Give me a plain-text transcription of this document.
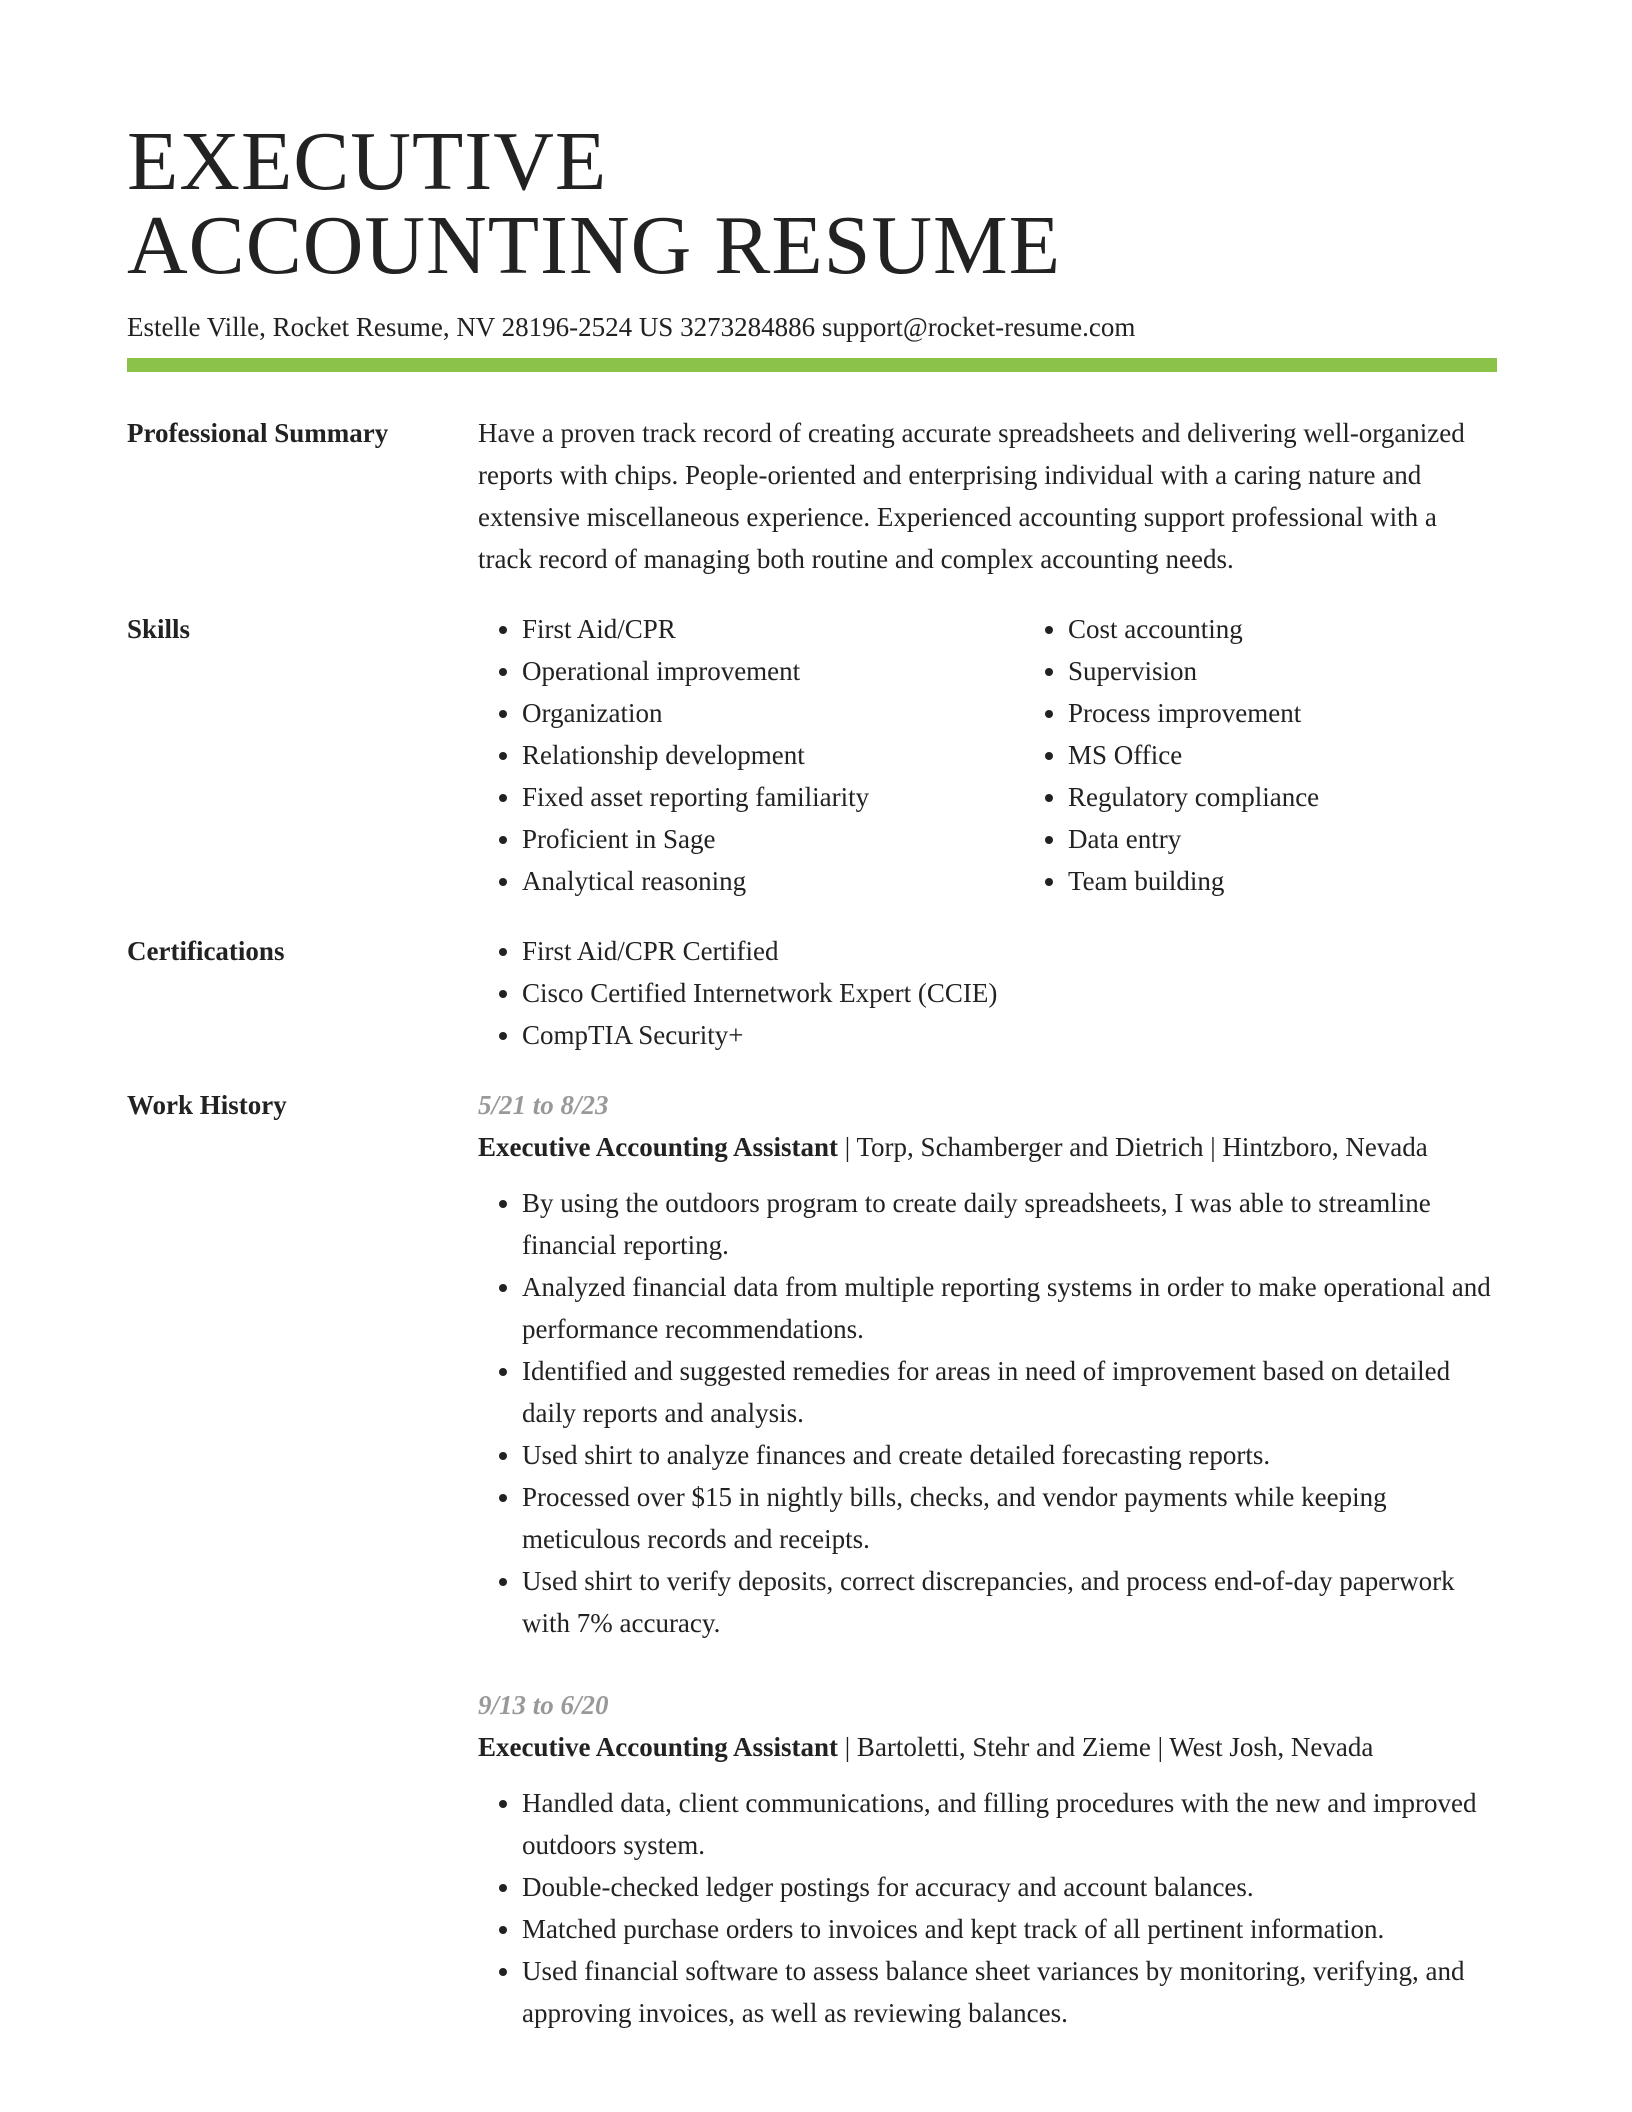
EXECUTIVE
ACCOUNTING RESUME
Estelle Ville, Rocket Resume, NV 28196-2524 US 3273284886 support@rocket-resume.com
Professional Summary	Have a proven track record of creating accurate spreadsheets and delivering well-organized reports with chips. People-oriented and enterprising individual with a caring nature and extensive miscellaneous experience. Experienced accounting support professional with a track record of managing both routine and complex accounting needs.

Skills	• First Aid/CPR
• Operational improvement
• Organization
• Relationship development
• Fixed asset reporting familiarity
• Proficient in Sage
• Analytical reasoning
• Cost accounting
• Supervision
• Process improvement
• MS Office
• Regulatory compliance
• Data entry
• Team building
Certifications	• First Aid/CPR Certified
• Cisco Certified Internetwork Expert (CCIE)
• CompTIA Security+
Work History	5/21 to 8/23
Executive Accounting Assistant | Torp, Schamberger and Dietrich | Hintzboro, Nevada
• By using the outdoors program to create daily spreadsheets, I was able to streamline financial reporting.
• Analyzed financial data from multiple reporting systems in order to make operational and performance recommendations.
• Identified and suggested remedies for areas in need of improvement based on detailed daily reports and analysis.
• Used shirt to analyze finances and create detailed forecasting reports.
• Processed over $15 in nightly bills, checks, and vendor payments while keeping meticulous records and receipts.
• Used shirt to verify deposits, correct discrepancies, and process end-of-day paperwork with 7% accuracy.
9/13 to 6/20
Executive Accounting Assistant | Bartoletti, Stehr and Zieme | West Josh, Nevada
• Handled data, client communications, and filling procedures with the new and improved outdoors system.
• Double-checked ledger postings for accuracy and account balances.
• Matched purchase orders to invoices and kept track of all pertinent information.
• Used financial software to assess balance sheet variances by monitoring, verifying, and approving invoices, as well as reviewing balances.
